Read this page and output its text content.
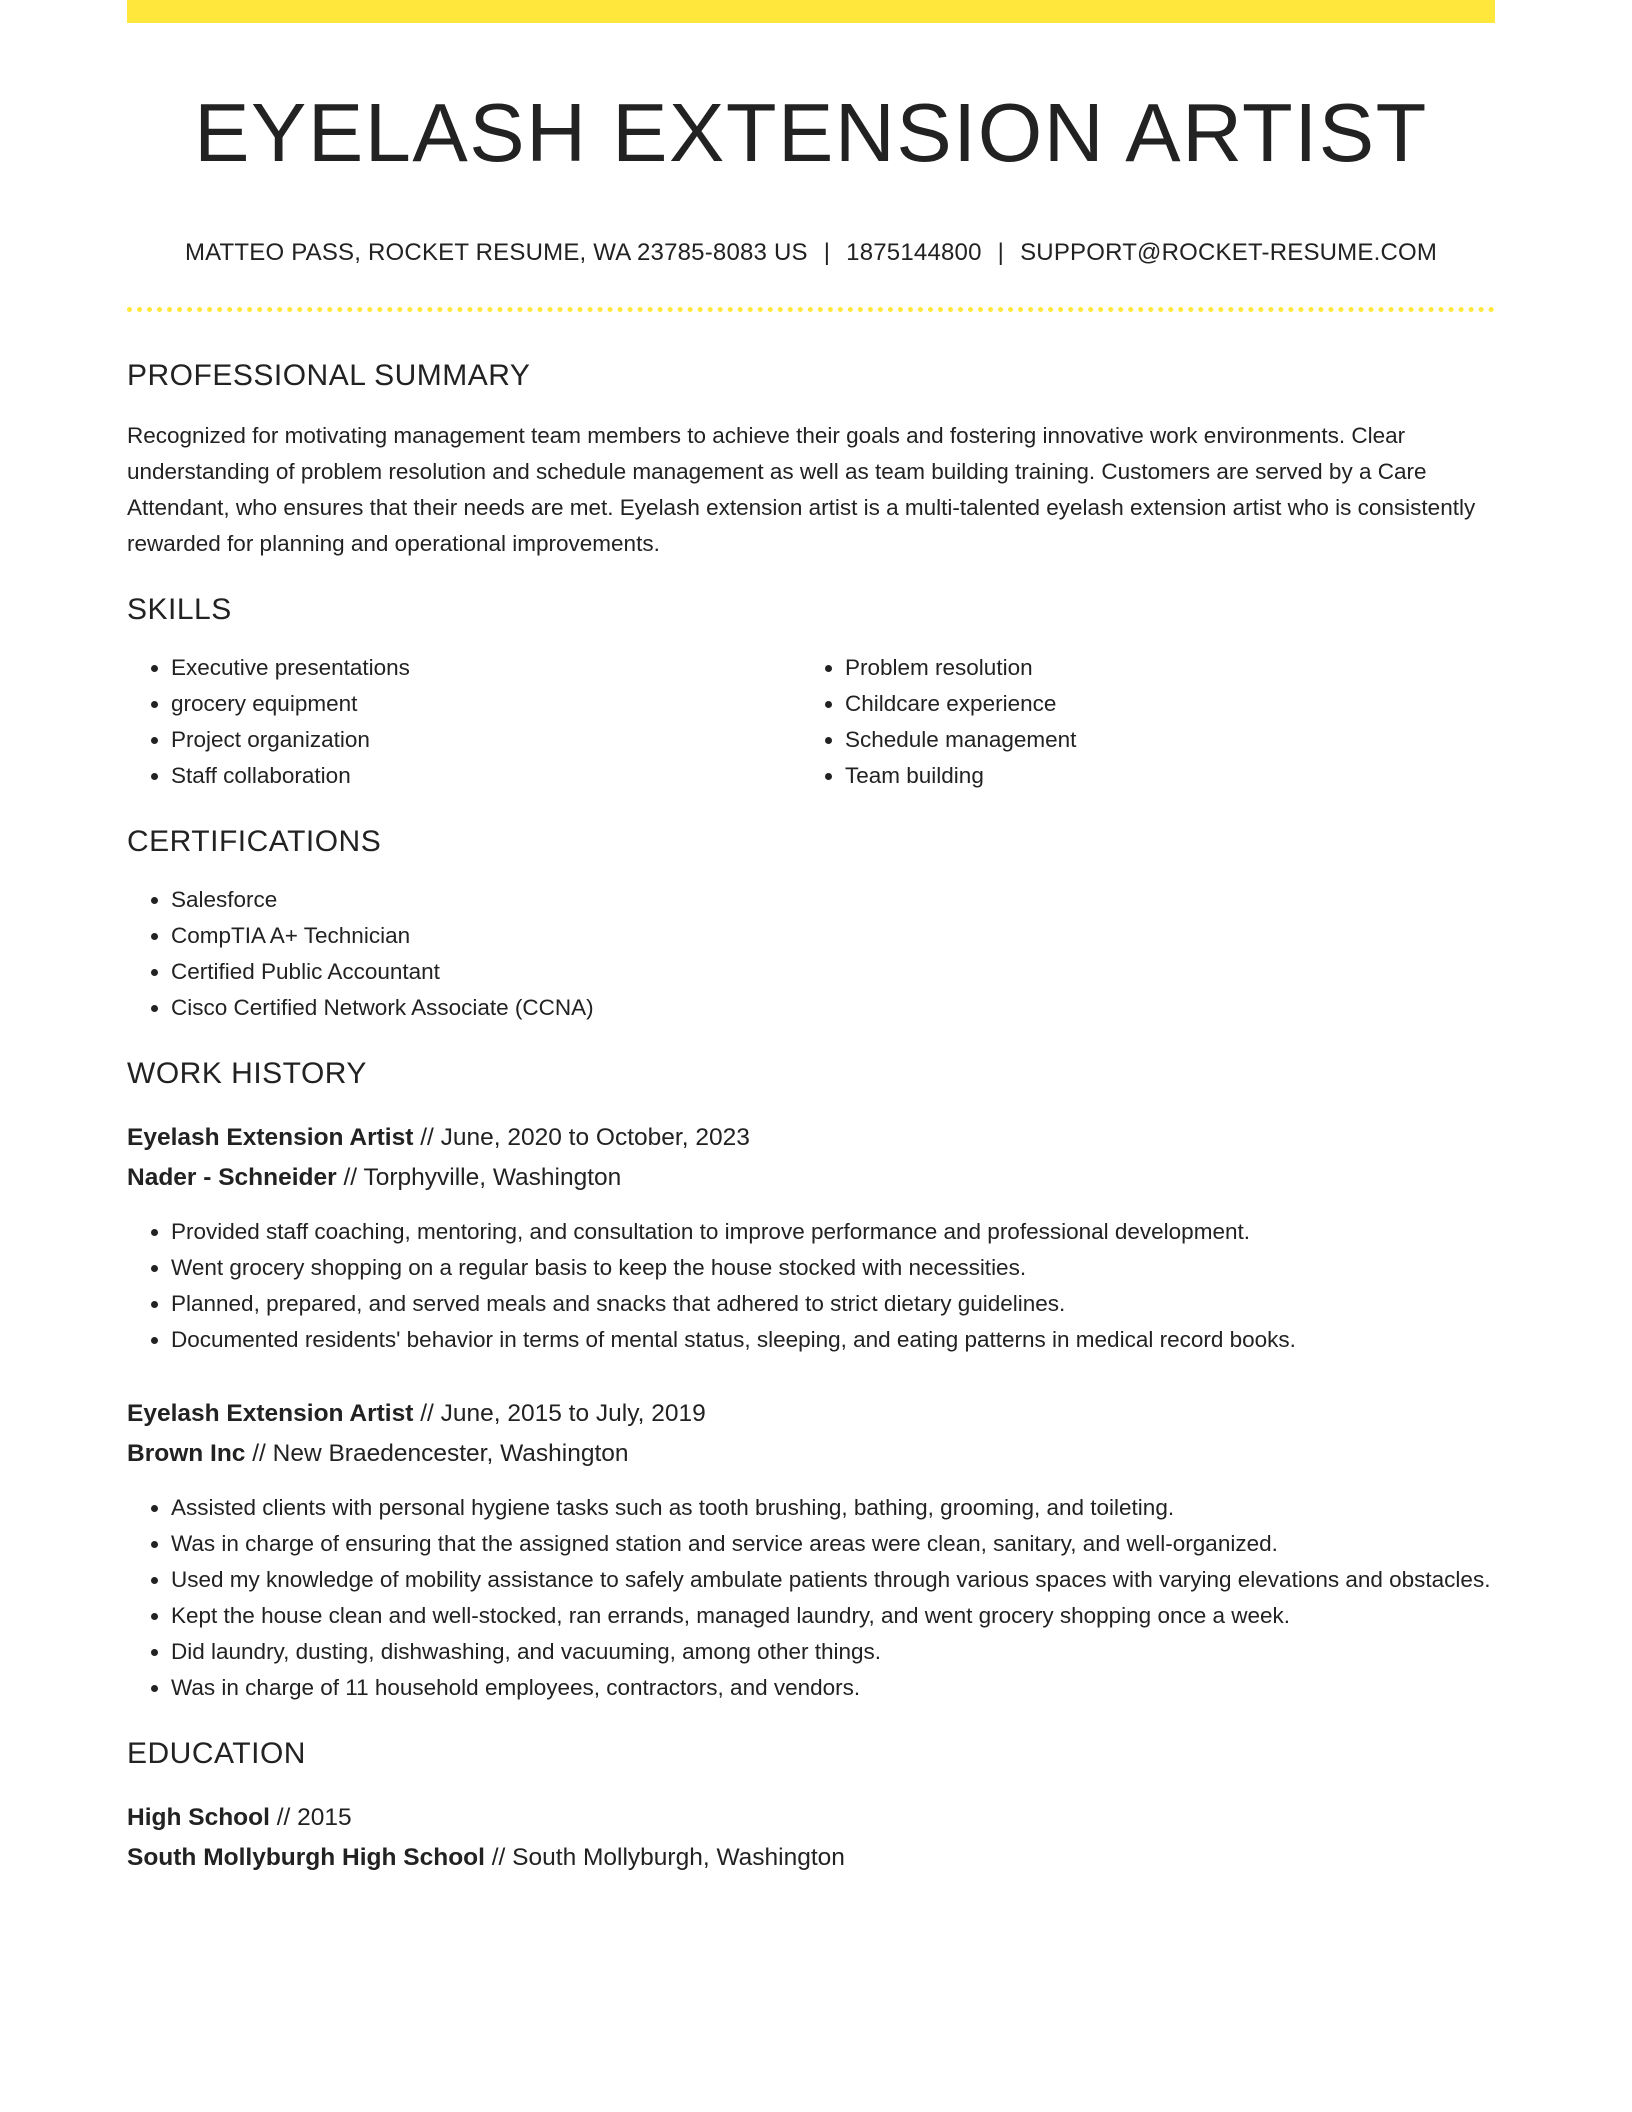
EYELASH EXTENSION ARTIST
MATTEO PASS, ROCKET RESUME, WA 23785-8083 US | 1875144800 | SUPPORT@ROCKET-RESUME.COM
PROFESSIONAL SUMMARY

Recognized for motivating management team members to achieve their goals and fostering innovative work environments. Clear understanding of problem resolution and schedule management as well as team building training. Customers are served by a Care Attendant, who ensures that their needs are met. Eyelash extension artist is a multi-talented eyelash extension artist who is consistently rewarded for planning and operational improvements.

SKILLS
• Executive presentations
• grocery equipment
• Project organization
• Staff collaboration
• Problem resolution
• Childcare experience
• Schedule management
• Team building
CERTIFICATIONS
• Salesforce
• CompTIA A+ Technician
• Certified Public Accountant
• Cisco Certified Network Associate (CCNA)
WORK HISTORY
Eyelash Extension Artist // June, 2020 to October, 2023
Nader - Schneider // Torphyville, Washington
• Provided staff coaching, mentoring, and consultation to improve performance and professional development.
• Went grocery shopping on a regular basis to keep the house stocked with necessities.
• Planned, prepared, and served meals and snacks that adhered to strict dietary guidelines.
• Documented residents' behavior in terms of mental status, sleeping, and eating patterns in medical record books.
Eyelash Extension Artist // June, 2015 to July, 2019
Brown Inc // New Braedencester, Washington
• Assisted clients with personal hygiene tasks such as tooth brushing, bathing, grooming, and toileting.
• Was in charge of ensuring that the assigned station and service areas were clean, sanitary, and well-organized.
• Used my knowledge of mobility assistance to safely ambulate patients through various spaces with varying elevations and obstacles.
• Kept the house clean and well-stocked, ran errands, managed laundry, and went grocery shopping once a week.
• Did laundry, dusting, dishwashing, and vacuuming, among other things.
• Was in charge of 11 household employees, contractors, and vendors.
EDUCATION
High School // 2015
South Mollyburgh High School // South Mollyburgh, Washington
